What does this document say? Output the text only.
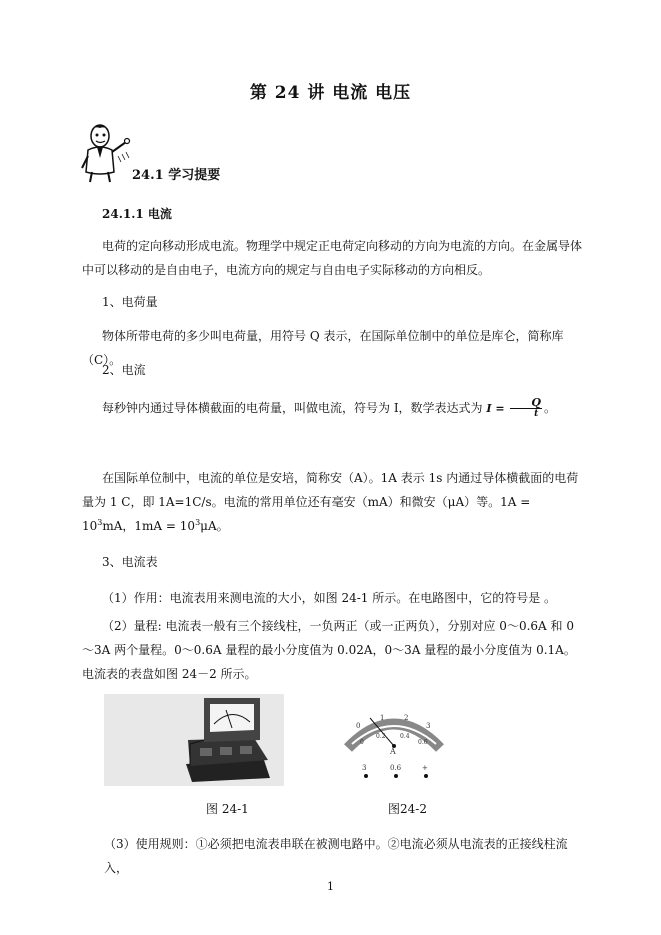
第 24 讲 电流 电压
24.1 学习提要
24.1.1 电流
电荷的定向移动形成电流。物理学中规定正电荷定向移动的方向为电流的方向。在金属导体中可以移动的是自由电子，电流方向的规定与自由电子实际移动的方向相反。
1、电荷量
物体所带电荷的多少叫电荷量，用符号 Q 表示，在国际单位制中的单位是库仑，简称库（C）。
2、电流
每秒钟内通过导体横截面的电荷量，叫做电流，符号为 I，数学表达式为 $I = \frac{Q}{t}$ 。
在国际单位制中，电流的单位是安培，简称安（A）。1A 表示 1s 内通过导体横截面的电荷量为 1 C，即 1A=1C/s。电流的常用单位还有毫安（mA）和微安（μA）等。$1A = 10^3mA$，$1mA = 10^3\mu A$。
3、电流表
（1）作用：电流表用来测电流的大小，如图 24-1 所示。在电路图中，它的符号是 。
（2）量程: 电流表一般有三个接线柱，一负两正（或一正两负），分别对应 0～0.6A 和 0～3A 两个量程。0～0.6A 量程的最小分度值为 0.02A，0～3A 量程的最小分度值为 0.1A。电流表的表盘如图 24－2 所示。
0
1	2
3
0
0.2 0.4
0.6
A
3	0.6	+
图 24-1	图24-2
（3）使用规则：①必须把电流表串联在被测电路中。②电流必须从电流表的正接线柱流入，
1
